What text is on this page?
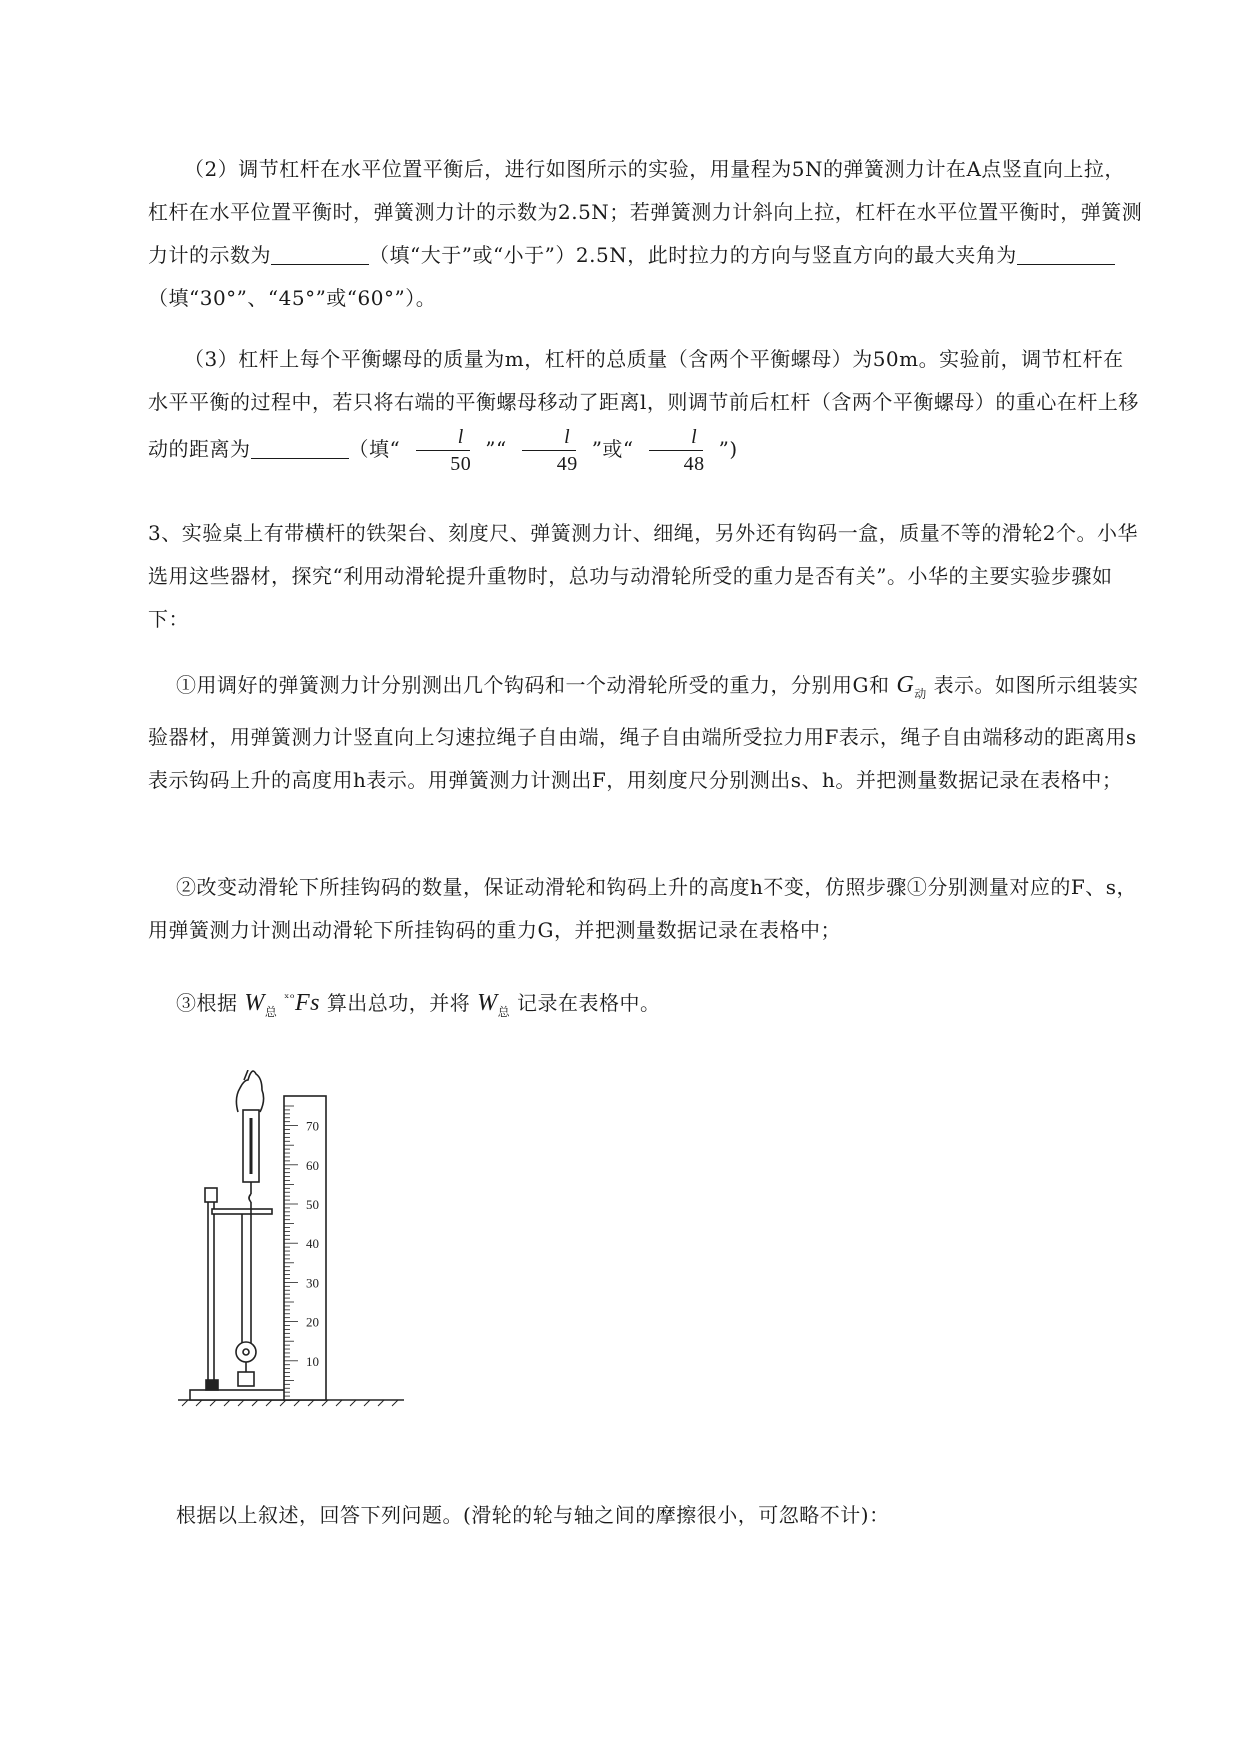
（2）调节杠杆在水平位置平衡后，进行如图所示的实验，用量程为5N的弹簧测力计在A点竖直向上拉，杠杆在水平位置平衡时，弹簧测力计的示数为2.5N；若弹簧测力计斜向上拉，杠杆在水平位置平衡时，弹簧测力计的示数为	（填“大于”或“小于”）2.5N，此时拉力的方向与竖直方向的最大夹角为（填“30°”、“45°”或“60°”）。
（3）杠杆上每个平衡螺母的质量为m，杠杆的总质量（含两个平衡螺母）为50m。实验前，调节杠杆在水平平衡的过程中，若只将右端的平衡螺母移动了距离l，则调节前后杠杆（含两个平衡螺母）的重心在杆上移动的距离为	（填“ $\frac{l}{50}$ ”“ $\frac{l}{49}$ ”或“ $\frac{l}{48}$ ”)
3、实验桌上有带横杆的铁架台、刻度尺、弹簧测力计、细绳，另外还有钩码一盒，质量不等的滑轮2个。小华选用这些器材，探究“利用动滑轮提升重物时，总功与动滑轮所受的重力是否有关”。小华的主要实验步骤如下：
①用调好的弹簧测力计分别测出几个钩码和一个动滑轮所受的重力，分别用G和 $G_动$ 表示。如图所示组装实验器材，用弹簧测力计竖直向上匀速拉绳子自由端，绳子自由端所受拉力用F表示，绳子自由端移动的距离用s表示钩码上升的高度用h表示。用弹簧测力计测出F，用刻度尺分别测出s、h。并把测量数据记录在表格中；
②改变动滑轮下所挂钩码的数量，保证动滑轮和钩码上升的高度h不变，仿照步骤①分别测量对应的F、s，用弹簧测力计测出动滑轮下所挂钩码的重力G，并把测量数据记录在表格中；
③根据 $W_总$ $^{ˣᵒ}$Fs 算出总功，并将 $W_总$ 记录在表格中。
70
60
50
40
30
20
10
根据以上叙述，回答下列问题。(滑轮的轮与轴之间的摩擦很小，可忽略不计)：
